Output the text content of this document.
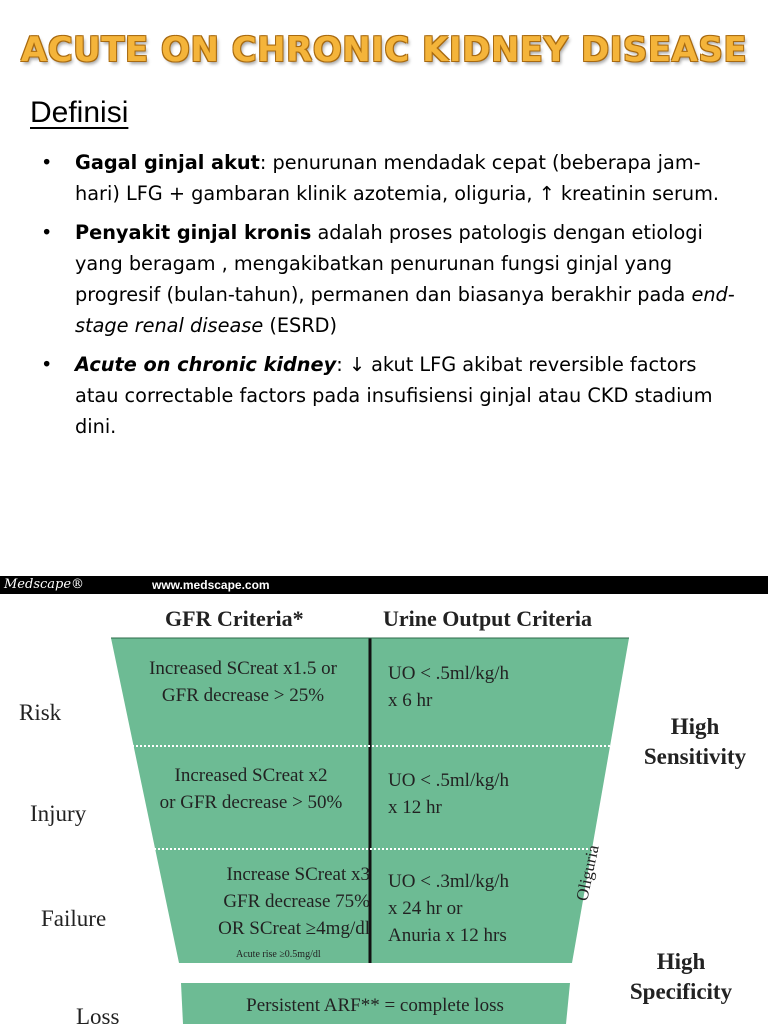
ACUTE ON CHRONIC KIDNEY DISEASE
Definisi
• Gagal ginjal akut: penurunan mendadak cepat (beberapa jam-hari) LFG + gambaran klinik azotemia, oliguria, ↑ kreatinin serum.
• Penyakit ginjal kronis adalah proses patologis dengan etiologi yang beragam , mengakibatkan penurunan fungsi ginjal yang progresif (bulan-tahun), permanen dan biasanya berakhir pada end-stage renal disease (ESRD)
• Acute on chronic kidney: ↓ akut LFG akibat reversible factors atau correctable factors pada insufisiensi ginjal atau CKD stadium dini.
Medscape®	www.medscape.com
GFR Criteria*	Urine Output Criteria
Risk
Injury
Failure
Loss
Increased SCreat x1.5 or
GFR decrease > 25%
Increased SCreat x2
or GFR decrease > 50%
Increase SCreat x3
GFR decrease 75%
OR SCreat ≥4mg/dl
Acute rise ≥0.5mg/dl
Persistent ARF** = complete loss
UO < .5ml/kg/h
x 6 hr
UO < .5ml/kg/h
x 12 hr
UO < .3ml/kg/h
x 24 hr or
Anuria x 12 hrs
Oliguria
High
Sensitivity
High
Specificity
